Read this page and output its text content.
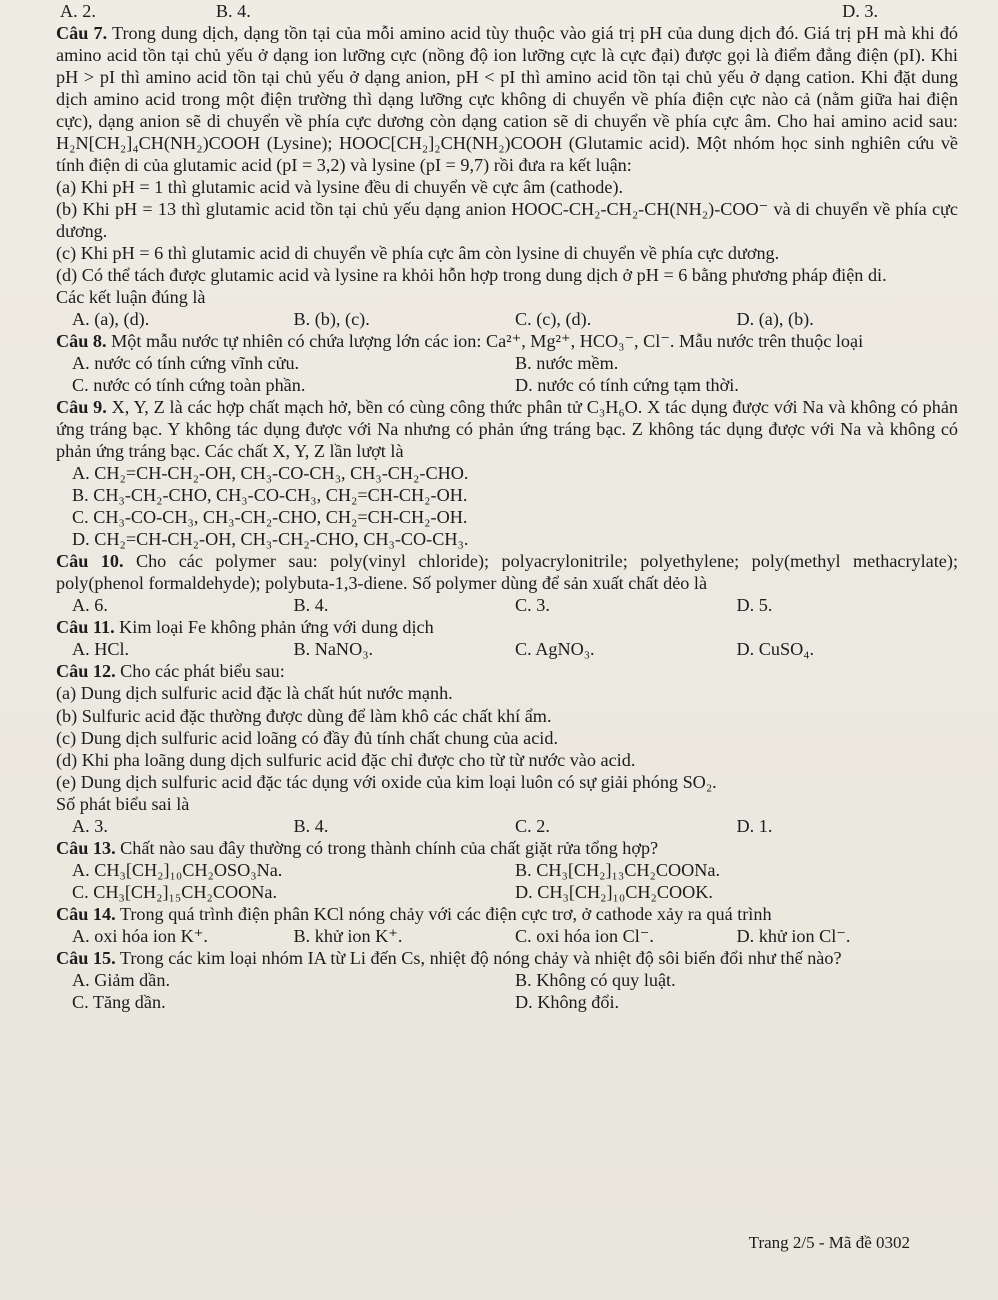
A. 2.	B. 4.	D. 3.

Câu 7. Trong dung dịch, dạng tồn tại của mỗi amino acid tùy thuộc vào giá trị pH của dung dịch đó. Giá trị pH mà khi đó amino acid tồn tại chủ yếu ở dạng ion lưỡng cực (nồng độ ion lưỡng cực là cực đại) được gọi là điểm đẳng điện (pI). Khi pH > pI thì amino acid tồn tại chủ yếu ở dạng anion, pH < pI thì amino acid tồn tại chủ yếu ở dạng cation. Khi đặt dung dịch amino acid trong một điện trường thì dạng lưỡng cực không di chuyển về phía điện cực nào cả (nằm giữa hai điện cực), dạng anion sẽ di chuyển về phía cực dương còn dạng cation sẽ di chuyển về phía cực âm. Cho hai amino acid sau: H₂N[CH₂]₄CH(NH₂)COOH (Lysine); HOOC[CH₂]₂CH(NH₂)COOH (Glutamic acid). Một nhóm học sinh nghiên cứu về tính điện di của glutamic acid (pI = 3,2) và lysine (pI = 9,7) rồi đưa ra kết luận:

(a) Khi pH = 1 thì glutamic acid và lysine đều di chuyển về cực âm (cathode).

(b) Khi pH = 13 thì glutamic acid tồn tại chủ yếu dạng anion HOOC-CH₂-CH₂-CH(NH₂)-COO⁻ và di chuyển về phía cực dương.

(c) Khi pH = 6 thì glutamic acid di chuyển về phía cực âm còn lysine di chuyển về phía cực dương.

(d) Có thể tách được glutamic acid và lysine ra khỏi hỗn hợp trong dung dịch ở pH = 6 bằng phương pháp điện di.

Các kết luận đúng là

A. (a), (d).	B. (b), (c).	C. (c), (d).	D. (a), (b).

Câu 8. Một mẫu nước tự nhiên có chứa lượng lớn các ion: Ca²⁺, Mg²⁺, HCO₃⁻, Cl⁻. Mẫu nước trên thuộc loại

A. nước có tính cứng vĩnh cửu.	B. nước mềm.
C. nước có tính cứng toàn phần.	D. nước có tính cứng tạm thời.

Câu 9. X, Y, Z là các hợp chất mạch hở, bền có cùng công thức phân tử C₃H₆O. X tác dụng được với Na và không có phản ứng tráng bạc. Y không tác dụng được với Na nhưng có phản ứng tráng bạc. Z không tác dụng được với Na và không có phản ứng tráng bạc. Các chất X, Y, Z lần lượt là

A. CH₂=CH-CH₂-OH, CH₃-CO-CH₃, CH₃-CH₂-CHO.
B. CH₃-CH₂-CHO, CH₃-CO-CH₃, CH₂=CH-CH₂-OH.
C. CH₃-CO-CH₃, CH₃-CH₂-CHO, CH₂=CH-CH₂-OH.
D. CH₂=CH-CH₂-OH, CH₃-CH₂-CHO, CH₃-CO-CH₃.

Câu 10. Cho các polymer sau: poly(vinyl chloride); polyacrylonitrile; polyethylene; poly(methyl methacrylate); poly(phenol formaldehyde); polybuta-1,3-diene. Số polymer dùng để sản xuất chất dẻo là

A. 6.	B. 4.	C. 3.	D. 5.

Câu 11. Kim loại Fe không phản ứng với dung dịch

A. HCl.	B. NaNO₃.	C. AgNO₃.	D. CuSO₄.

Câu 12. Cho các phát biểu sau:

(a) Dung dịch sulfuric acid đặc là chất hút nước mạnh.
(b) Sulfuric acid đặc thường được dùng để làm khô các chất khí ẩm.
(c) Dung dịch sulfuric acid loãng có đầy đủ tính chất chung của acid.
(d) Khi pha loãng dung dịch sulfuric acid đặc chỉ được cho từ từ nước vào acid.
(e) Dung dịch sulfuric acid đặc tác dụng với oxide của kim loại luôn có sự giải phóng SO₂.
Số phát biểu sai là
A. 3.	B. 4.	C. 2.	D. 1.

Câu 13. Chất nào sau đây thường có trong thành chính của chất giặt rửa tổng hợp?

A. CH₃[CH₂]₁₀CH₂OSO₃Na.	B. CH₃[CH₂]₁₃CH₂COONa.
C. CH₃[CH₂]₁₅CH₂COONa.	D. CH₃[CH₂]₁₀CH₂COOK.

Câu 14. Trong quá trình điện phân KCl nóng chảy với các điện cực trơ, ở cathode xảy ra quá trình

A. oxi hóa ion K⁺.	B. khử ion K⁺.	C. oxi hóa ion Cl⁻.	D. khử ion Cl⁻.

Câu 15. Trong các kim loại nhóm IA từ Li đến Cs, nhiệt độ nóng chảy và nhiệt độ sôi biến đổi như thế nào?

A. Giảm dần.	B. Không có quy luật.
C. Tăng dần.	D. Không đổi.
Trang 2/5 - Mã đề 0302
